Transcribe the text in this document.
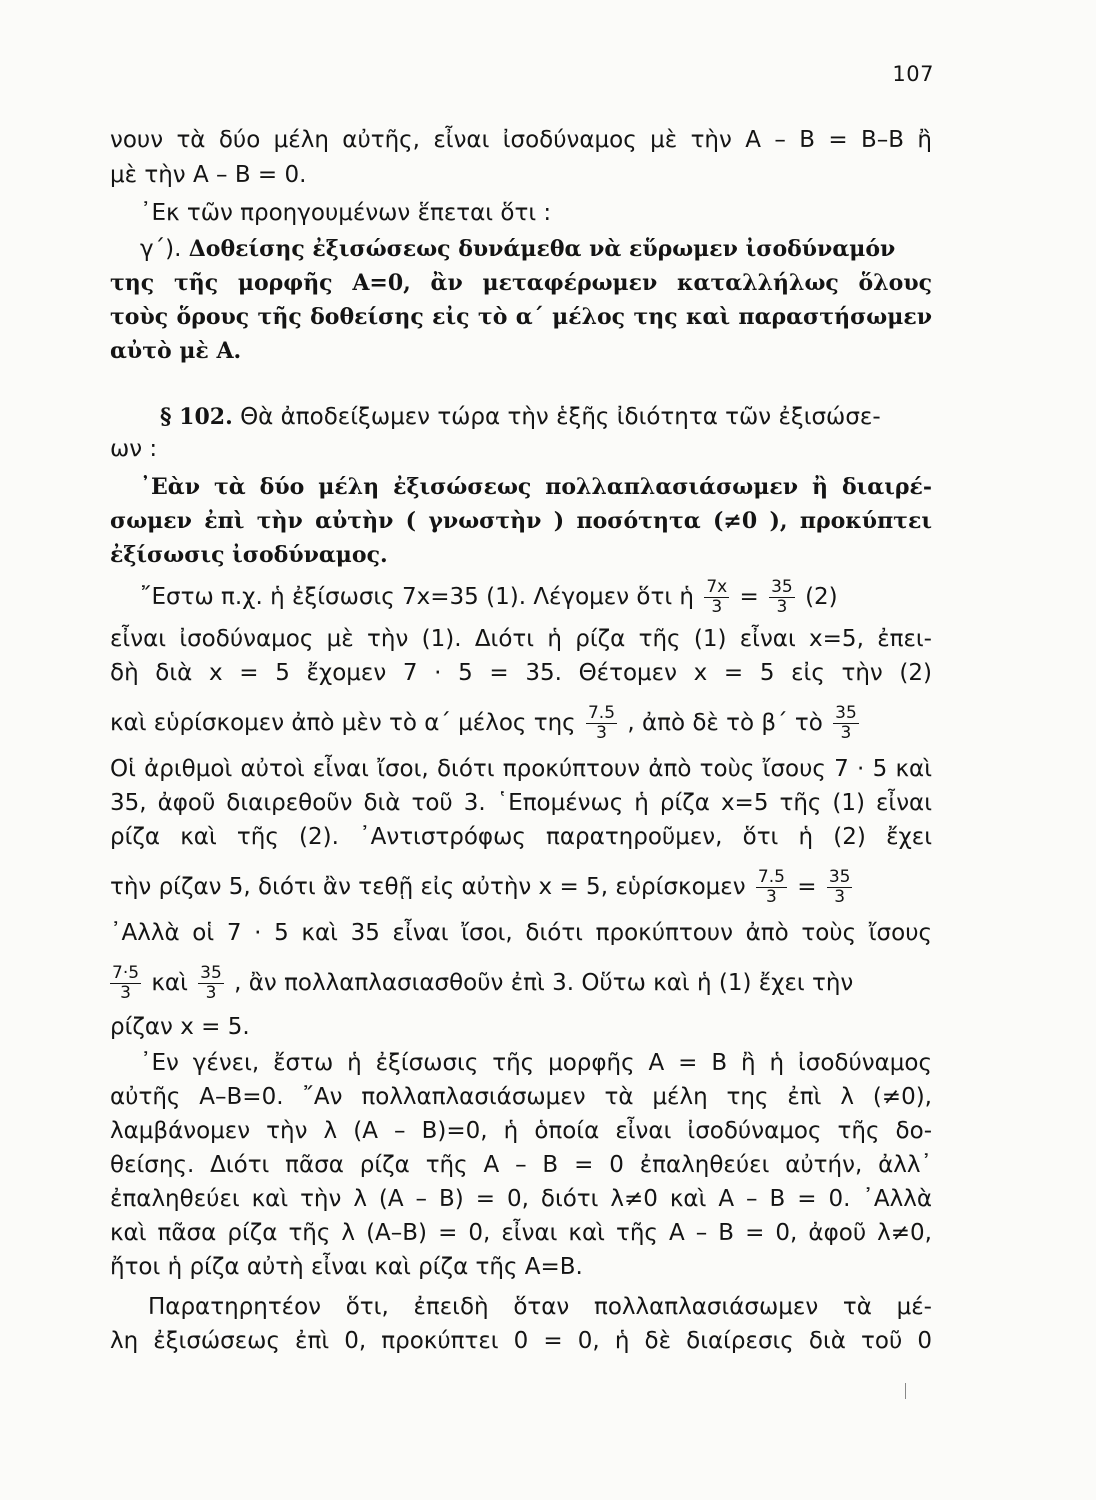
107
νουν τὰ δύο μέλη αὐτῆς, εἶναι ἰσοδύναμος μὲ τὴν Α – Β = Β–Β ἢ
μὲ τὴν Α – Β = 0.
᾿Εκ τῶν προηγουμένων ἕπεται ὅτι :
γ΄). Δοθείσης ἐξισώσεως δυνάμεθα νὰ εὕρωμεν ἰσοδύναμόν
της τῆς μορφῆς Α=0, ἂν μεταφέρωμεν καταλλήλως ὅλους
τοὺς ὅρους τῆς δοθείσης εἰς τὸ α΄ μέλος της καὶ παραστήσωμεν
αὐτὸ μὲ Α.
§ 102. Θὰ ἀποδείξωμεν τώρα τὴν ἑξῆς ἰδιότητα τῶν ἐξισώσε-
ων :
᾿Εὰν τὰ δύο μέλη ἐξισώσεως πολλαπλασιάσωμεν ἢ διαιρέ-
σωμεν ἐπὶ τὴν αὐτὴν ( γνωστὴν ) ποσότητα (≠0 ), προκύπτει
ἐξίσωσις ἰσοδύναμος.
῎Εστω π.χ. ἡ ἐξίσωσις 7x=35 (1). Λέγομεν ὅτι ἡ $\frac{7x}{3} = \frac{35}{3} (2)$
εἶναι ἰσοδύναμος μὲ τὴν (1). Διότι ἡ ρίζα τῆς (1) εἶναι x=5, ἐπει-
δὴ διὰ x = 5 ἔχομεν 7 · 5 = 35. Θέτομεν x = 5 εἰς τὴν (2)
καὶ εὑρίσκομεν ἀπὸ μὲν τὸ α΄ μέλος της $\frac{7.5}{3}$ , ἀπὸ δὲ τὸ β΄ τὸ $\frac{35}{3}$
Οἱ ἀριθμοὶ αὐτοὶ εἶναι ἴσοι, διότι προκύπτουν ἀπὸ τοὺς ἴσους 7 · 5 καὶ
35, ἀφοῦ διαιρεθοῦν διὰ τοῦ 3. ῾Επομένως ἡ ρίζα x=5 τῆς (1) εἶναι
ρίζα καὶ τῆς (2). ᾿Αντιστρόφως παρατηροῦμεν, ὅτι ἡ (2) ἔχει
τὴν ρίζαν 5, διότι ἂν τεθῇ εἰς αὐτὴν x = 5, εὑρίσκομεν $\frac{7.5}{3} = \frac{35}{3}$
᾿Αλλὰ οἱ 7 · 5 καὶ 35 εἶναι ἴσοι, διότι προκύπτουν ἀπὸ τοὺς ἴσους
$\frac{7\cdot 5}{3}$ καὶ $\frac{35}{3}$ , ἂν πολλαπλασιασθοῦν ἐπὶ 3. Οὕτω καὶ ἡ (1) ἔχει τὴν
ρίζαν x = 5.
᾿Εν γένει, ἔστω ἡ ἐξίσωσις τῆς μορφῆς Α = Β ἢ ἡ ἰσοδύναμος
αὐτῆς Α–Β=0. ῎Αν πολλαπλασιάσωμεν τὰ μέλη της ἐπὶ λ (≠0),
λαμβάνομεν τὴν λ (Α – Β)=0, ἡ ὁποία εἶναι ἰσοδύναμος τῆς δο-
θείσης. Διότι πᾶσα ρίζα τῆς Α – Β = 0 ἐπαληθεύει αὐτήν, ἀλλ᾿
ἐπαληθεύει καὶ τὴν λ (Α – Β) = 0, διότι λ≠0 καὶ Α – Β = 0. ᾿Αλλὰ
καὶ πᾶσα ρίζα τῆς λ (Α–Β) = 0, εἶναι καὶ τῆς Α – Β = 0, ἀφοῦ λ≠0,
ἤτοι ἡ ρίζα αὐτὴ εἶναι καὶ ρίζα τῆς Α=Β.
Παρατηρητέον ὅτι, ἐπειδὴ ὅταν πολλαπλασιάσωμεν τὰ μέ-
λη ἐξισώσεως ἐπὶ 0, προκύπτει 0 = 0, ἡ δὲ διαίρεσις διὰ τοῦ 0
